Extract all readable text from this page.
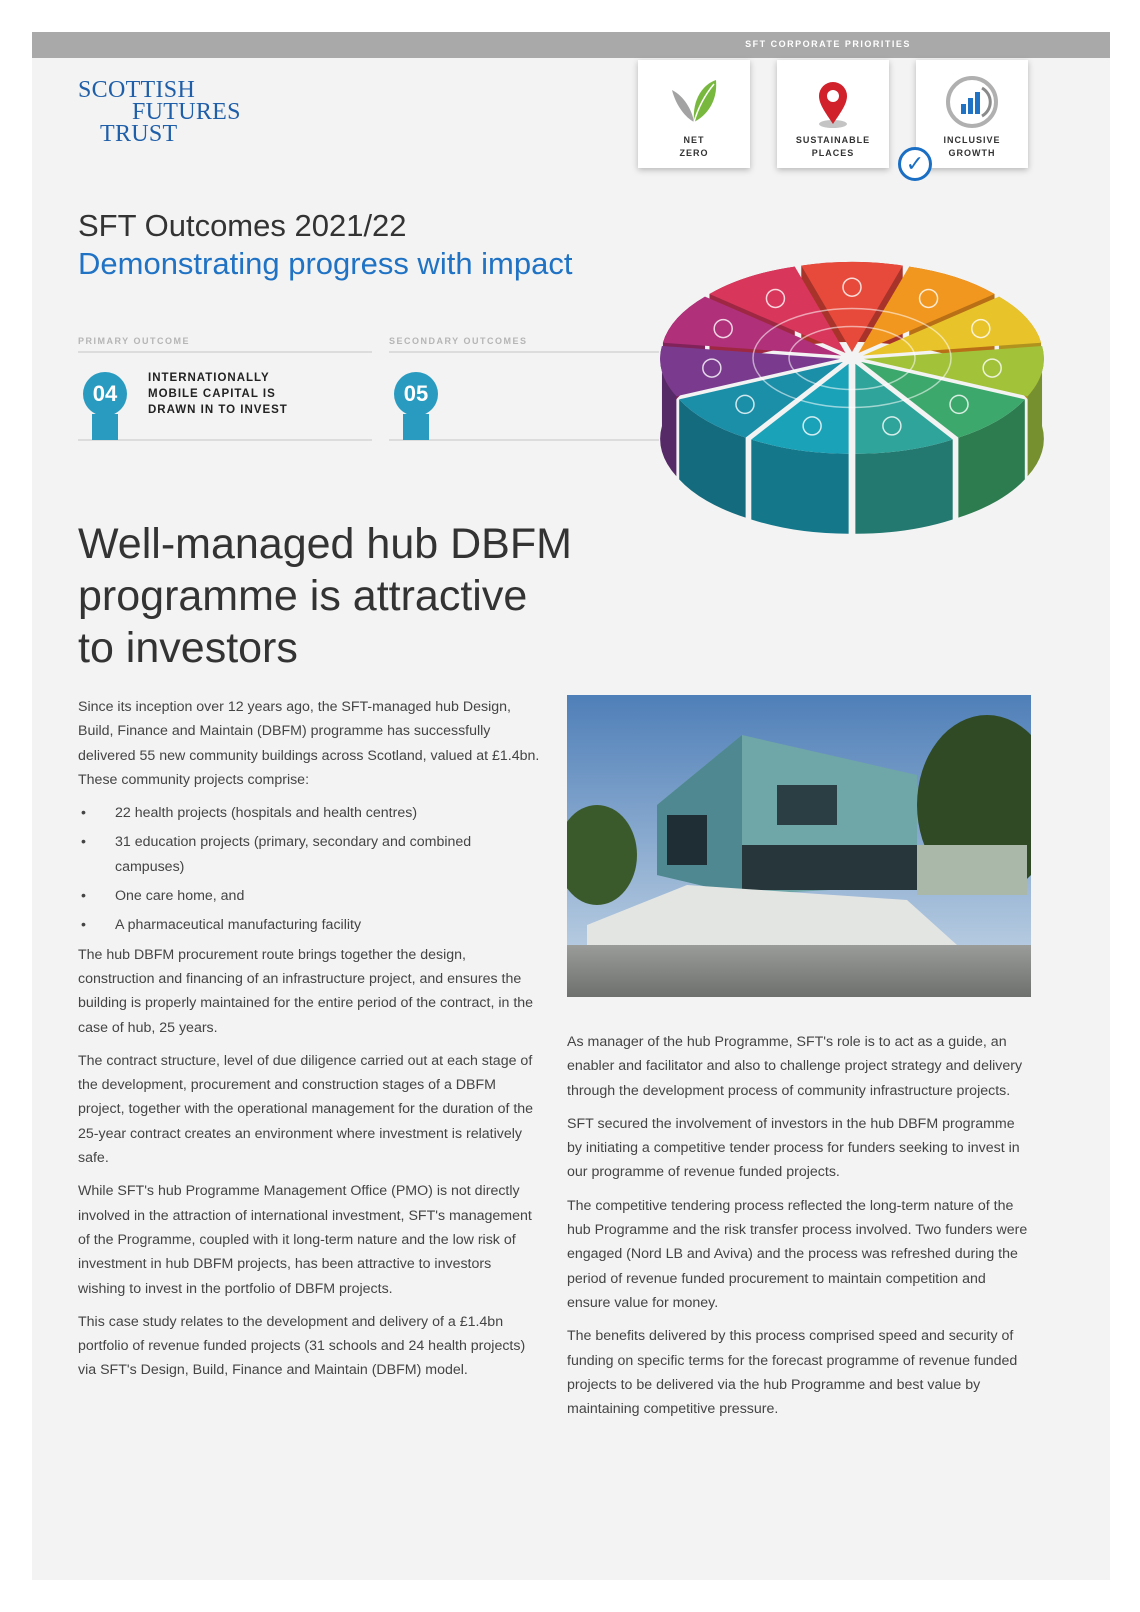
SFT CORPORATE PRIORITIES
SCOTTISH
FUTURES
TRUST	NET
ZERO
SUSTAINABLE
PLACES
INCLUSIVE
GROWTH
✓
SFT Outcomes 2021/22
Demonstrating progress with impact
PRIMARY OUTCOME
04
INTERNATIONALLY
MOBILE CAPITAL IS
DRAWN IN TO INVEST
SECONDARY OUTCOMES
05
Well-managed hub DBFM
programme is attractive
to investors

Since its inception over 12 years ago, the SFT-managed hub Design, Build, Finance and Maintain (DBFM) programme has successfully delivered 55 new community buildings across Scotland, valued at £1.4bn. These community projects comprise:

• 22 health projects (hospitals and health centres)
• 31 education projects (primary, secondary and combined campuses)
• One care home, and
• A pharmaceutical manufacturing facility

The hub DBFM procurement route brings together the design, construction and financing of an infrastructure project, and ensures the building is properly maintained for the entire period of the contract, in the case of hub, 25 years.

The contract structure, level of due diligence carried out at each stage of the development, procurement and construction stages of a DBFM project, together with the operational management for the duration of the 25-year contract creates an environment where investment is relatively safe.

While SFT's hub Programme Management Office (PMO) is not directly involved in the attraction of international investment, SFT's management of the Programme, coupled with it long-term nature and the low risk of investment in hub DBFM projects, has been attractive to investors wishing to invest in the portfolio of DBFM projects.

This case study relates to the development and delivery of a £1.4bn portfolio of revenue funded projects (31 schools and 24 health projects) via SFT's Design, Build, Finance and Maintain (DBFM) model.

As manager of the hub Programme, SFT's role is to act as a guide, an enabler and facilitator and also to challenge project strategy and delivery through the development process of community infrastructure projects.

SFT secured the involvement of investors in the hub DBFM programme by initiating a competitive tender process for funders seeking to invest in our programme of revenue funded projects.

The competitive tendering process reflected the long-term nature of the hub Programme and the risk transfer process involved. Two funders were engaged (Nord LB and Aviva) and the process was refreshed during the period of revenue funded procurement to maintain competition and ensure value for money.

The benefits delivered by this process comprised speed and security of funding on specific terms for the forecast programme of revenue funded projects to be delivered via the hub Programme and best value by maintaining competitive pressure.
